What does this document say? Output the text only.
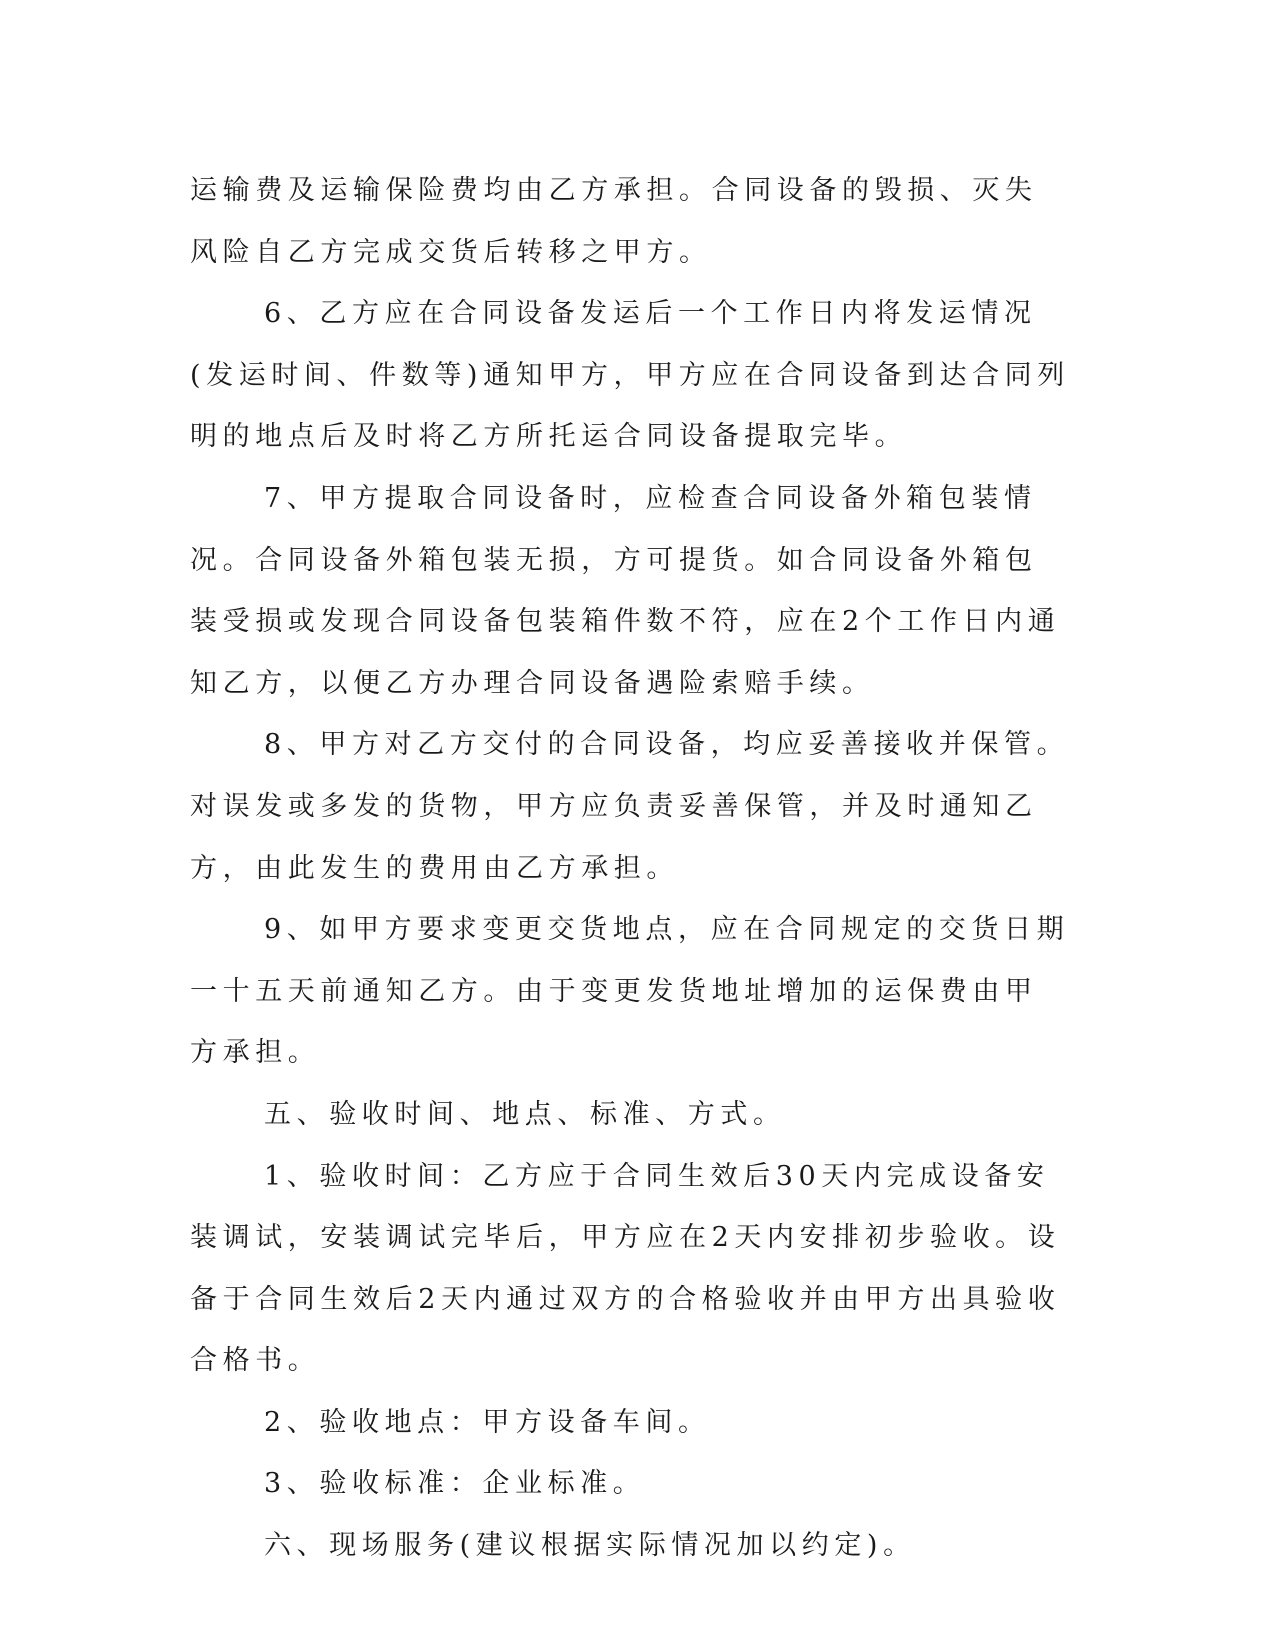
运输费及运输保险费均由乙方承担。合同设备的毁损、灭失风险自乙方完成交货后转移之甲方。

6、乙方应在合同设备发运后一个工作日内将发运情况(发运时间、件数等)通知甲方，甲方应在合同设备到达合同列明的地点后及时将乙方所托运合同设备提取完毕。

7、甲方提取合同设备时，应检查合同设备外箱包装情况。合同设备外箱包装无损，方可提货。如合同设备外箱包装受损或发现合同设备包装箱件数不符，应在2个工作日内通知乙方，以便乙方办理合同设备遇险索赔手续。

8、甲方对乙方交付的合同设备，均应妥善接收并保管。对误发或多发的货物，甲方应负责妥善保管，并及时通知乙方，由此发生的费用由乙方承担。

9、如甲方要求变更交货地点，应在合同规定的交货日期一十五天前通知乙方。由于变更发货地址增加的运保费由甲方承担。

五、验收时间、地点、标准、方式。

1、验收时间：乙方应于合同生效后30天内完成设备安装调试，安装调试完毕后，甲方应在2天内安排初步验收。设备于合同生效后2天内通过双方的合格验收并由甲方出具验收合格书。

2、验收地点：甲方设备车间。

3、验收标准：企业标准。

六、现场服务(建议根据实际情况加以约定)。
